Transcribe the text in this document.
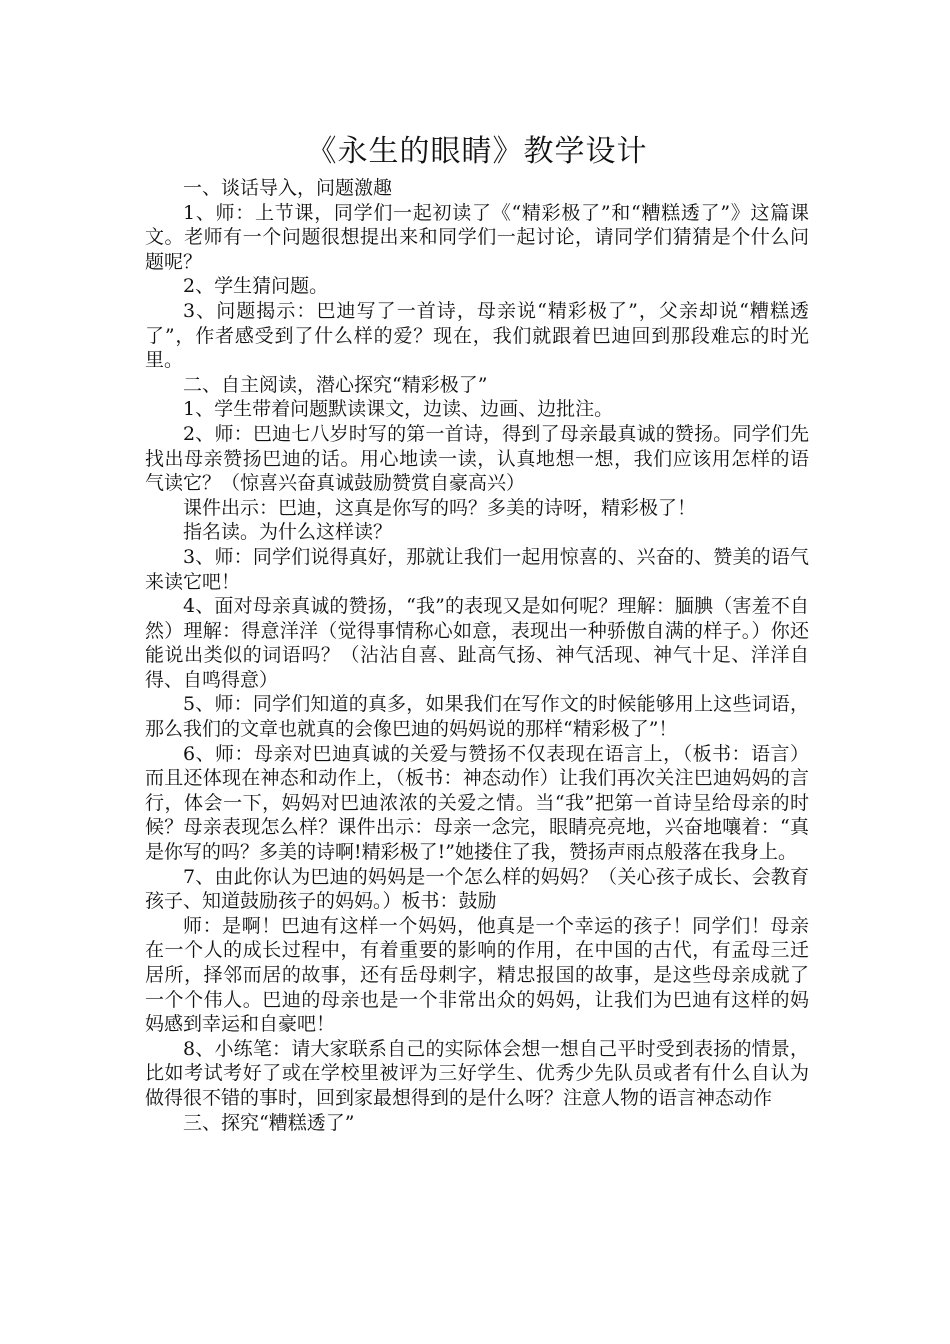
《永生的眼睛》教学设计

一、谈话导入，问题激趣

1、师：上节课，同学们一起初读了《“精彩极了”和“糟糕透了”》这篇课文。老师有一个问题很想提出来和同学们一起讨论，请同学们猜猜是个什么问题呢？

2、学生猜问题。

3、问题揭示：巴迪写了一首诗，母亲说“精彩极了”，父亲却说“糟糕透了”，作者感受到了什么样的爱？现在，我们就跟着巴迪回到那段难忘的时光里。

二、自主阅读，潜心探究“精彩极了”

1、学生带着问题默读课文，边读、边画、边批注。

2、师：巴迪七八岁时写的第一首诗，得到了母亲最真诚的赞扬。同学们先找出母亲赞扬巴迪的话。用心地读一读，认真地想一想，我们应该用怎样的语气读它？（惊喜兴奋真诚鼓励赞赏自豪高兴）

课件出示：巴迪，这真是你写的吗？多美的诗呀，精彩极了！

指名读。为什么这样读？

3、师：同学们说得真好，那就让我们一起用惊喜的、兴奋的、赞美的语气来读它吧！

4、面对母亲真诚的赞扬，“我”的表现又是如何呢？理解：腼腆（害羞不自然）理解：得意洋洋（觉得事情称心如意，表现出一种骄傲自满的样子。）你还能说出类似的词语吗？（沾沾自喜、趾高气扬、神气活现、神气十足、洋洋自得、自鸣得意）

5、师：同学们知道的真多，如果我们在写作文的时候能够用上这些词语，那么我们的文章也就真的会像巴迪的妈妈说的那样“精彩极了”！

6、师：母亲对巴迪真诚的关爱与赞扬不仅表现在语言上，（板书：语言）而且还体现在神态和动作上，（板书：神态动作）让我们再次关注巴迪妈妈的言行，体会一下，妈妈对巴迪浓浓的关爱之情。当“我”把第一首诗呈给母亲的时候？母亲表现怎么样？课件出示：母亲一念完，眼睛亮亮地，兴奋地嚷着：“真是你写的吗？多美的诗啊!精彩极了!”她搂住了我，赞扬声雨点般落在我身上。

7、由此你认为巴迪的妈妈是一个怎么样的妈妈？（关心孩子成长、会教育孩子、知道鼓励孩子的妈妈。）板书：鼓励

师：是啊！巴迪有这样一个妈妈，他真是一个幸运的孩子！同学们！母亲在一个人的成长过程中，有着重要的影响的作用，在中国的古代，有孟母三迁居所，择邻而居的故事，还有岳母刺字，精忠报国的故事，是这些母亲成就了一个个伟人。巴迪的母亲也是一个非常出众的妈妈，让我们为巴迪有这样的妈妈感到幸运和自豪吧！

8、小练笔：请大家联系自己的实际体会想一想自己平时受到表扬的情景，比如考试考好了或在学校里被评为三好学生、优秀少先队员或者有什么自认为做得很不错的事时，回到家最想得到的是什么呀？注意人物的语言神态动作

三、探究“糟糕透了”
